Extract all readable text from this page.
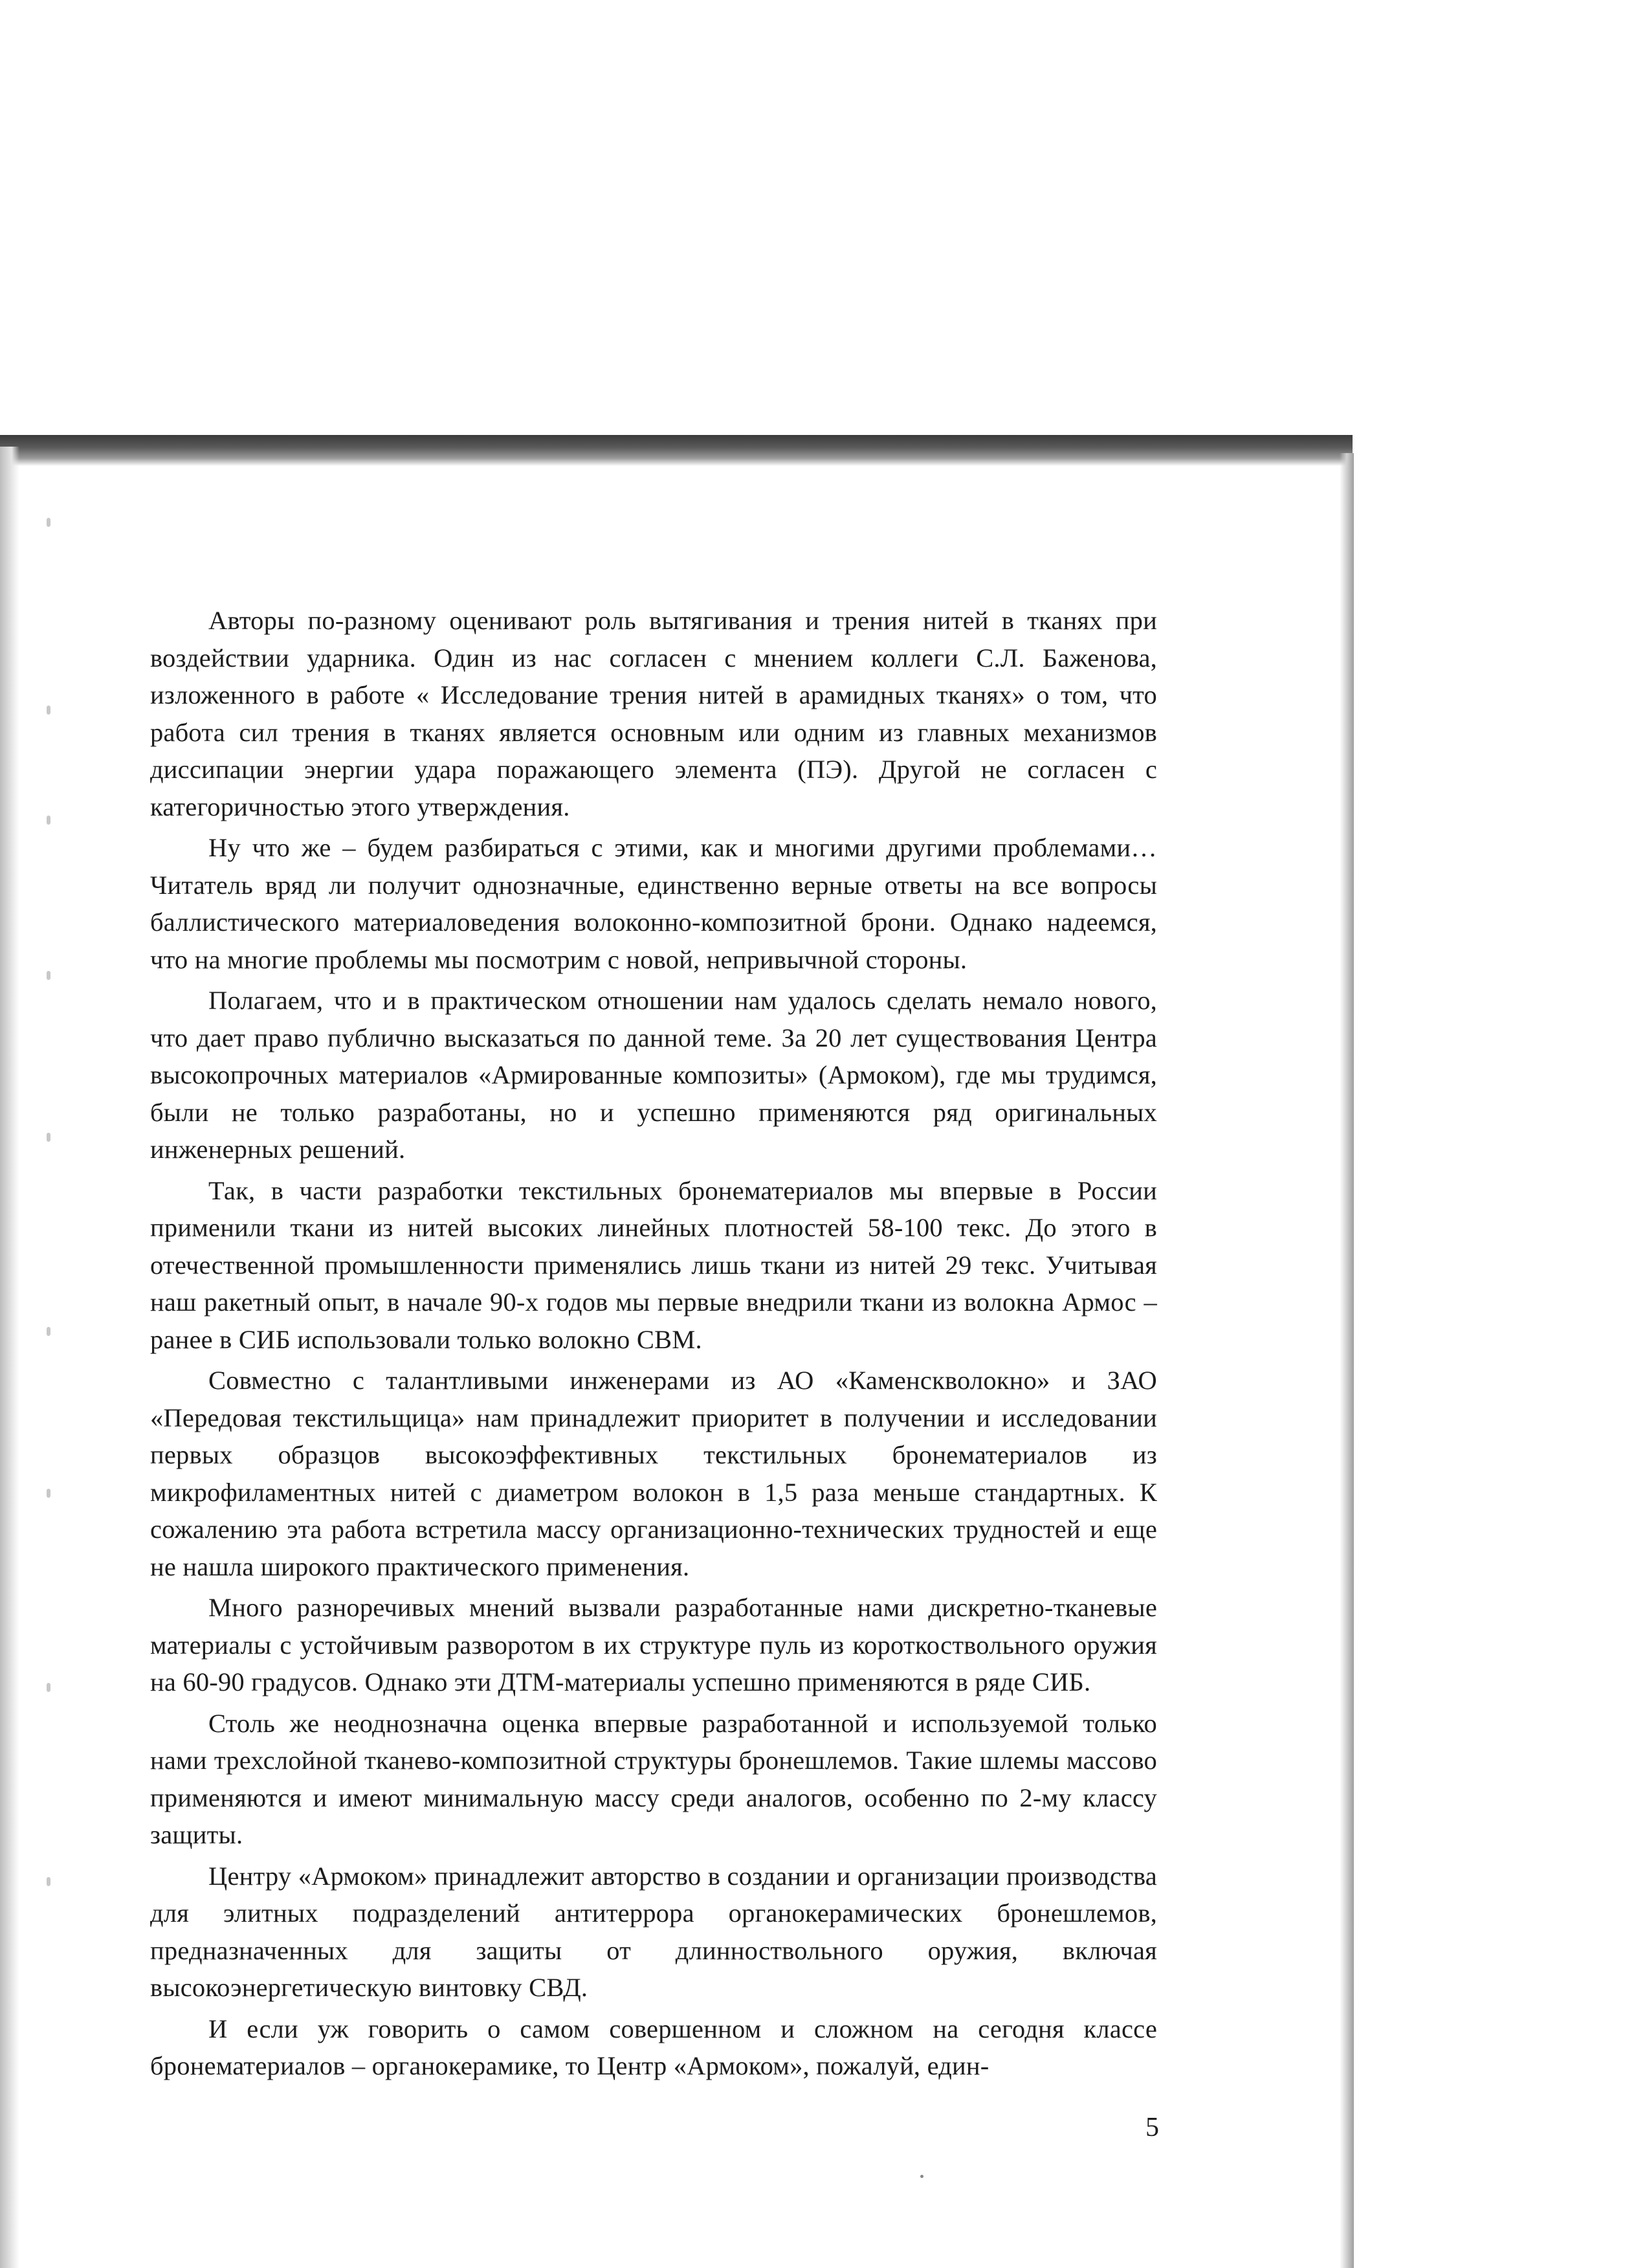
Авторы по-разному оценивают роль вытягивания и трения нитей в тканях при воздействии ударника. Один из нас согласен с мнением коллеги С.Л. Баженова, изложенного в работе « Исследование трения нитей в арамидных тканях» о том, что работа сил трения в тканях является основным или одним из главных механизмов диссипации энергии удара поражающего элемента (ПЭ). Другой не согласен с категоричностью этого утверждения.

Ну что же – будем разбираться с этими, как и многими другими проблемами… Читатель вряд ли получит однозначные, единственно верные ответы на все вопросы баллистического материаловедения волоконно-композитной брони. Однако надеемся, что на многие проблемы мы посмотрим с новой, непривычной стороны.

Полагаем, что и в практическом отношении нам удалось сделать немало нового, что дает право публично высказаться по данной теме. За 20 лет существования Центра высокопрочных материалов «Армированные композиты» (Армоком), где мы трудимся, были не только разработаны, но и успешно применяются ряд оригинальных инженерных решений.

Так, в части разработки текстильных бронематериалов мы впервые в России применили ткани из нитей высоких линейных плотностей 58-100 текс. До этого в отечественной промышленности применялись лишь ткани из нитей 29 текс. Учитывая наш ракетный опыт, в начале 90-х годов мы первые внедрили ткани из волокна Армос – ранее в СИБ использовали только волокно СВМ.

Совместно с талантливыми инженерами из АО «Каменскволокно» и ЗАО «Передовая текстильщица» нам принадлежит приоритет в получении и исследовании первых образцов высокоэффективных текстильных бронематериалов из микрофиламентных нитей с диаметром волокон в 1,5 раза меньше стандартных. К сожалению эта работа встретила массу организационно-технических трудностей и еще не нашла широкого практического применения.

Много разноречивых мнений вызвали разработанные нами дискретно-тканевые материалы с устойчивым разворотом в их структуре пуль из короткоствольного оружия на 60-90 градусов. Однако эти ДТМ-материалы успешно применяются в ряде СИБ.

Столь же неоднозначна оценка впервые разработанной и используемой только нами трехслойной тканево-композитной структуры бронешлемов. Такие шлемы массово применяются и имеют минимальную массу среди аналогов, особенно по 2-му классу защиты.

Центру «Армоком» принадлежит авторство в создании и организации производства для элитных подразделений антитеррора органокерамических бронешлемов, предназначенных для защиты от длинноствольного оружия, включая высокоэнергетическую винтовку СВД.

И если уж говорить о самом совершенном и сложном на сегодня классе бронематериалов – органокерамике, то Центр «Армоком», пожалуй, един-

5
